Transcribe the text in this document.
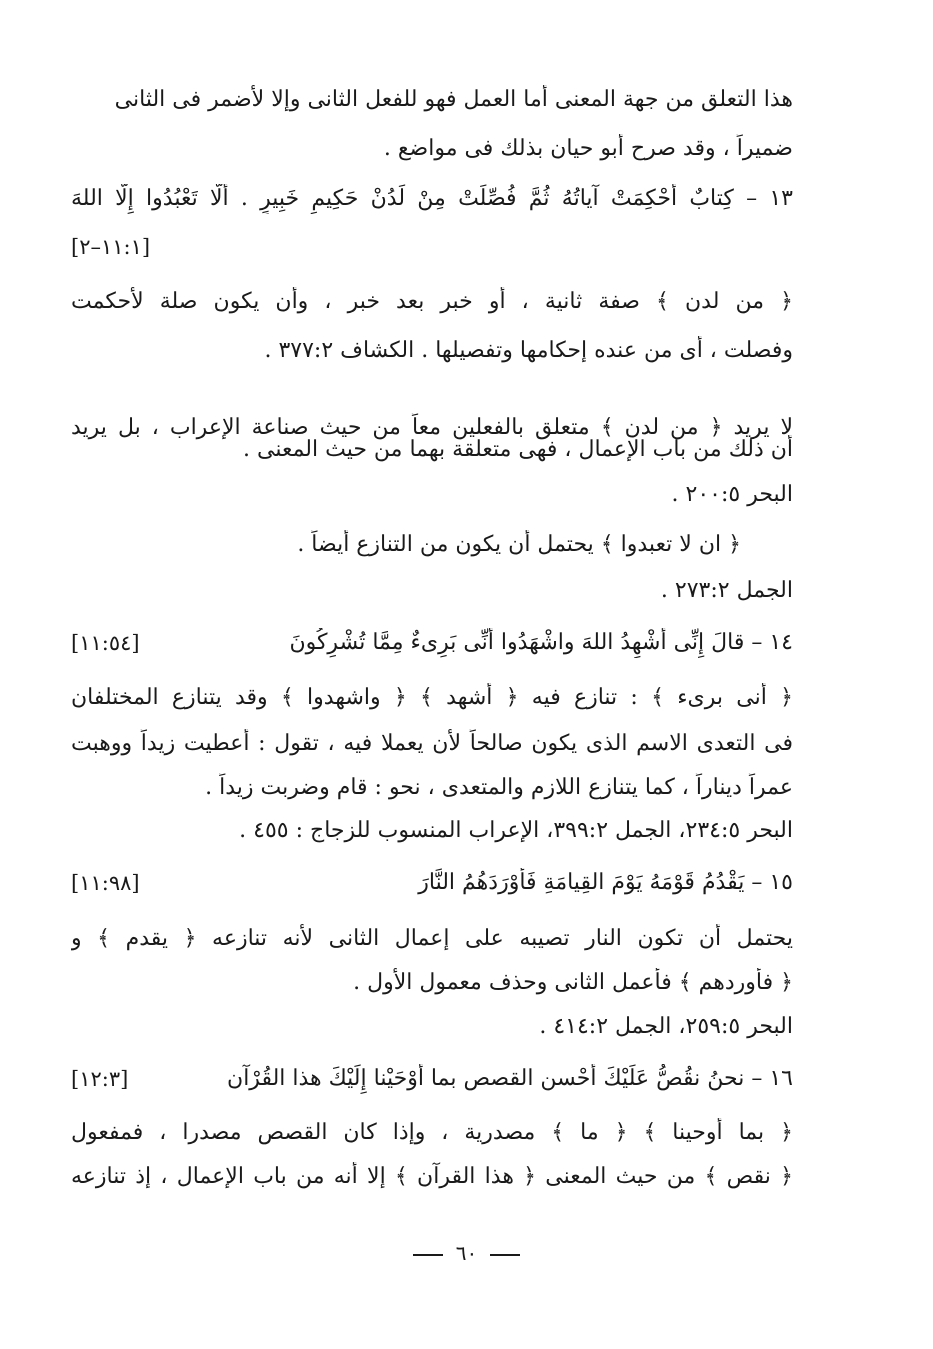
هذا التعلق من جهة المعنى أما العمل فهو للفعل الثانى وإلا لأضمر فى الثانى
ضميراً ، وقد صرح أبو حيان بذلك فى مواضع .
١٣ – كِتابٌ أُحْكِمَتْ آياتُهُ ثُمَّ فُصِّلَتْ مِنْ لَدُنْ حَكِيمٍ خَبِيرٍ . أَلَّا تَعْبُدُوا إِلَّا اللهَ
﴿ من لدن ﴾ صفة ثانية ، أو خبر بعد خبر ، وأن يكون صلة لأحكمت
وفصلت ، أى من عنده إحكامها وتفصيلها . الكشاف ٣٧٧:٢ .
لا يريد ﴿ من لدن ﴾ متعلق بالفعلين معاً من حيث صناعة الإعراب ، بل يريد
أن ذلك من باب الإعمال ، فهى متعلقة بهما من حيث المعنى .
البحر ٢٠٠:٥ .
﴿ ان لا تعبدوا ﴾ يحتمل أن يكون من التنازع أيضاً .
الجمل ٢٧٣:٢ .
١٤ – قالَ إِنِّى أُشْهِدُ اللهَ واشْهَدُوا أَنِّى بَرِىءٌ مِمَّا تُشْرِكُونَ
﴿ أنى برىء ﴾ : تنازع فيه ﴿ أشهد ﴾ ﴿ واشهدوا ﴾ وقد يتنازع المختلفان
فى التعدى الاسم الذى يكون صالحاً لأن يعملا فيه ، تقول : أعطيت زيداً ووهبت
عمراً ديناراً ، كما يتنازع اللازم والمتعدى ، نحو : قام وضربت زيداً .
البحر ٢٣٤:٥، الجمل ٣٩٩:٢، الإعراب المنسوب للزجاج : ٤٥٥ .
١٥ – يَقْدُمُ قَوْمَهُ يَوْمَ القِيامَةِ فَأَوْرَدَهُمُ النَّارَ
يحتمل أن تكون النار تصيبه على إعمال الثانى لأنه تنازعه ﴿ يقدم ﴾ و
﴿ فأوردهم ﴾ فأعمل الثانى وحذف معمول الأول .
البحر ٢٥٩:٥، الجمل ٤١٤:٢ .
١٦ – نحنُ نقُصُّ عَلَيْكَ أحْسن القصص بما أَوْحَيْنا إِلَيْكَ هذا القُرْآن
﴿ بما أوحينا ﴾ ﴿ ما ﴾ مصدرية ، وإذا كان القصص مصدرا ، فمفعول
﴿ نقص ﴾ من حيث المعنى ﴿ هذا القرآن ﴾ إلا أنه من باب الإعمال ، إذ تنازعه
[١١:١–٢]
[١١:٥٤]
[١١:٩٨]
[١٢:٣]
٦٠
